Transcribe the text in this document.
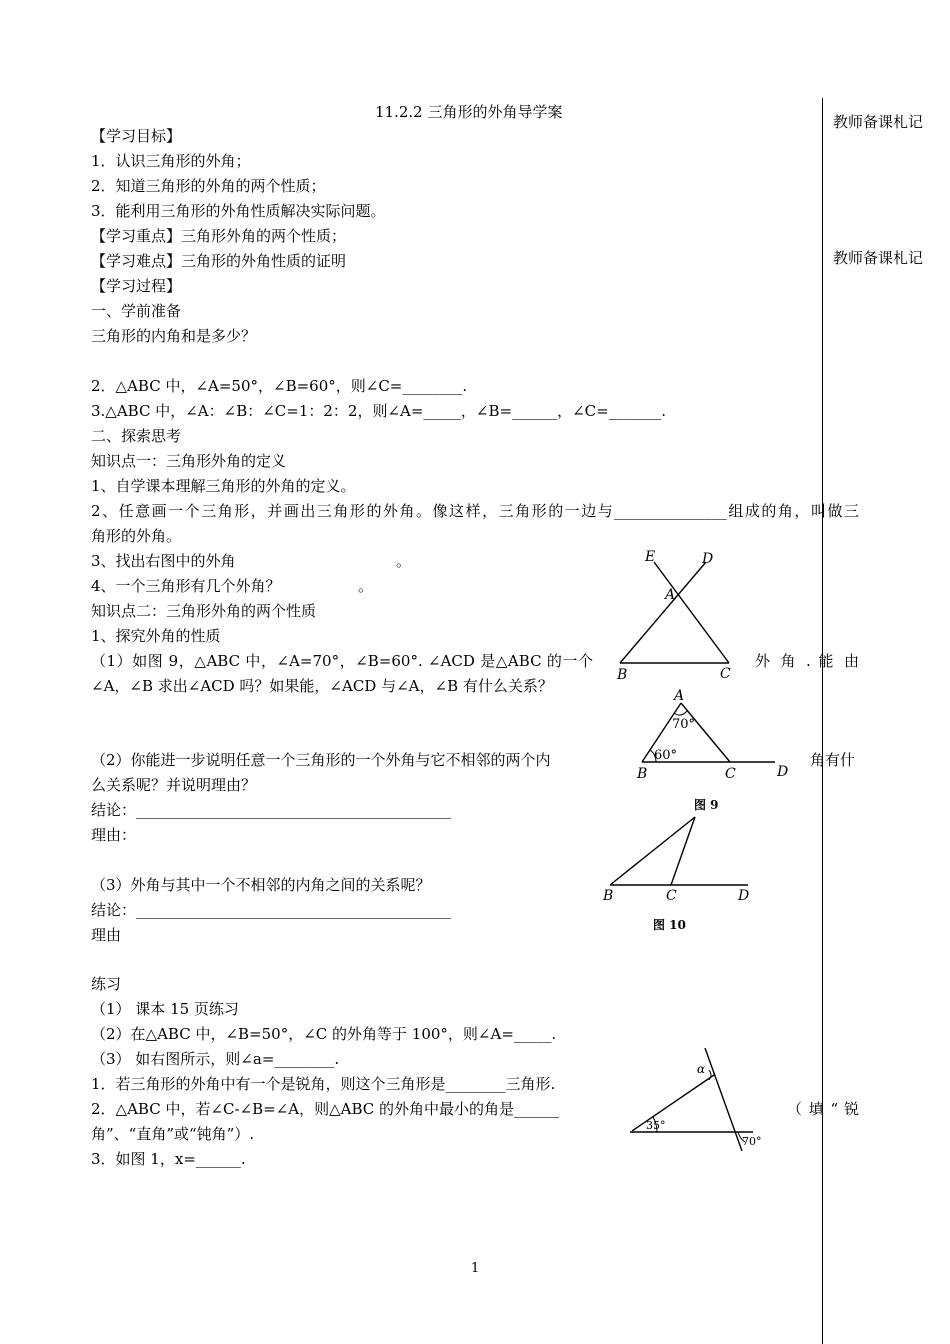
11.2.2 三角形的外角导学案
教师备课札记
教师备课札记
【学习目标】
1．认识三角形的外角；
2．知道三角形的外角的两个性质；
3．能利用三角形的外角性质解决实际问题。
【学习重点】三角形外角的两个性质；
【学习难点】三角形的外角性质的证明
【学习过程】
一、学前准备
三角形的内角和是多少？
2．△ABC 中，∠A=50°，∠B=60°，则∠C=________.
3.△ABC 中，∠A：∠B：∠C=1：2：2，则∠A=_____，∠B=______，∠C=_______.
二、探索思考
知识点一：三角形外角的定义
1、自学课本理解三角形的外角的定义。
2、任意画一个三角形，并画出三角形的外角。像这样，三角形的一边与_______________组成的角，叫做三
角形的外角。
3、找出右图中的外角	。
4、一个三角形有几个外角？	。
知识点二：三角形外角的两个性质
1、探究外角的性质
（1）如图 9，△ABC 中，∠A=70°，∠B=60°. ∠ACD 是△ABC 的一个	外 角 . 能 由
∠A，∠B 求出∠ACD 吗？如果能，∠ACD 与∠A，∠B 有什么关系？
（2）你能进一步说明任意一个三角形的一个外角与它不相邻的两个内	角有什
么关系呢？并说明理由？
结论：__________________________________________
理由：
（3）外角与其中一个不相邻的内角之间的关系呢？
结论：__________________________________________
理由
练习
（1） 课本 15 页练习
（2）在△ABC 中，∠B=50°，∠C 的外角等于 100°，则∠A=_____.
（3） 如右图所示，则∠a=________.
1．若三角形的外角中有一个是锐角，则这个三角形是________三角形.
2．△ABC 中，若∠C-∠B=∠A，则△ABC 的外角中最小的角是______	（ 填 “ 锐
角”、“直角”或“钝角”）.
3．如图 1，x=______.
E	D
A
B	C
A
70°
60°
B	C	D
图 9
B	C	D
图 10
α
35°
70°
1
